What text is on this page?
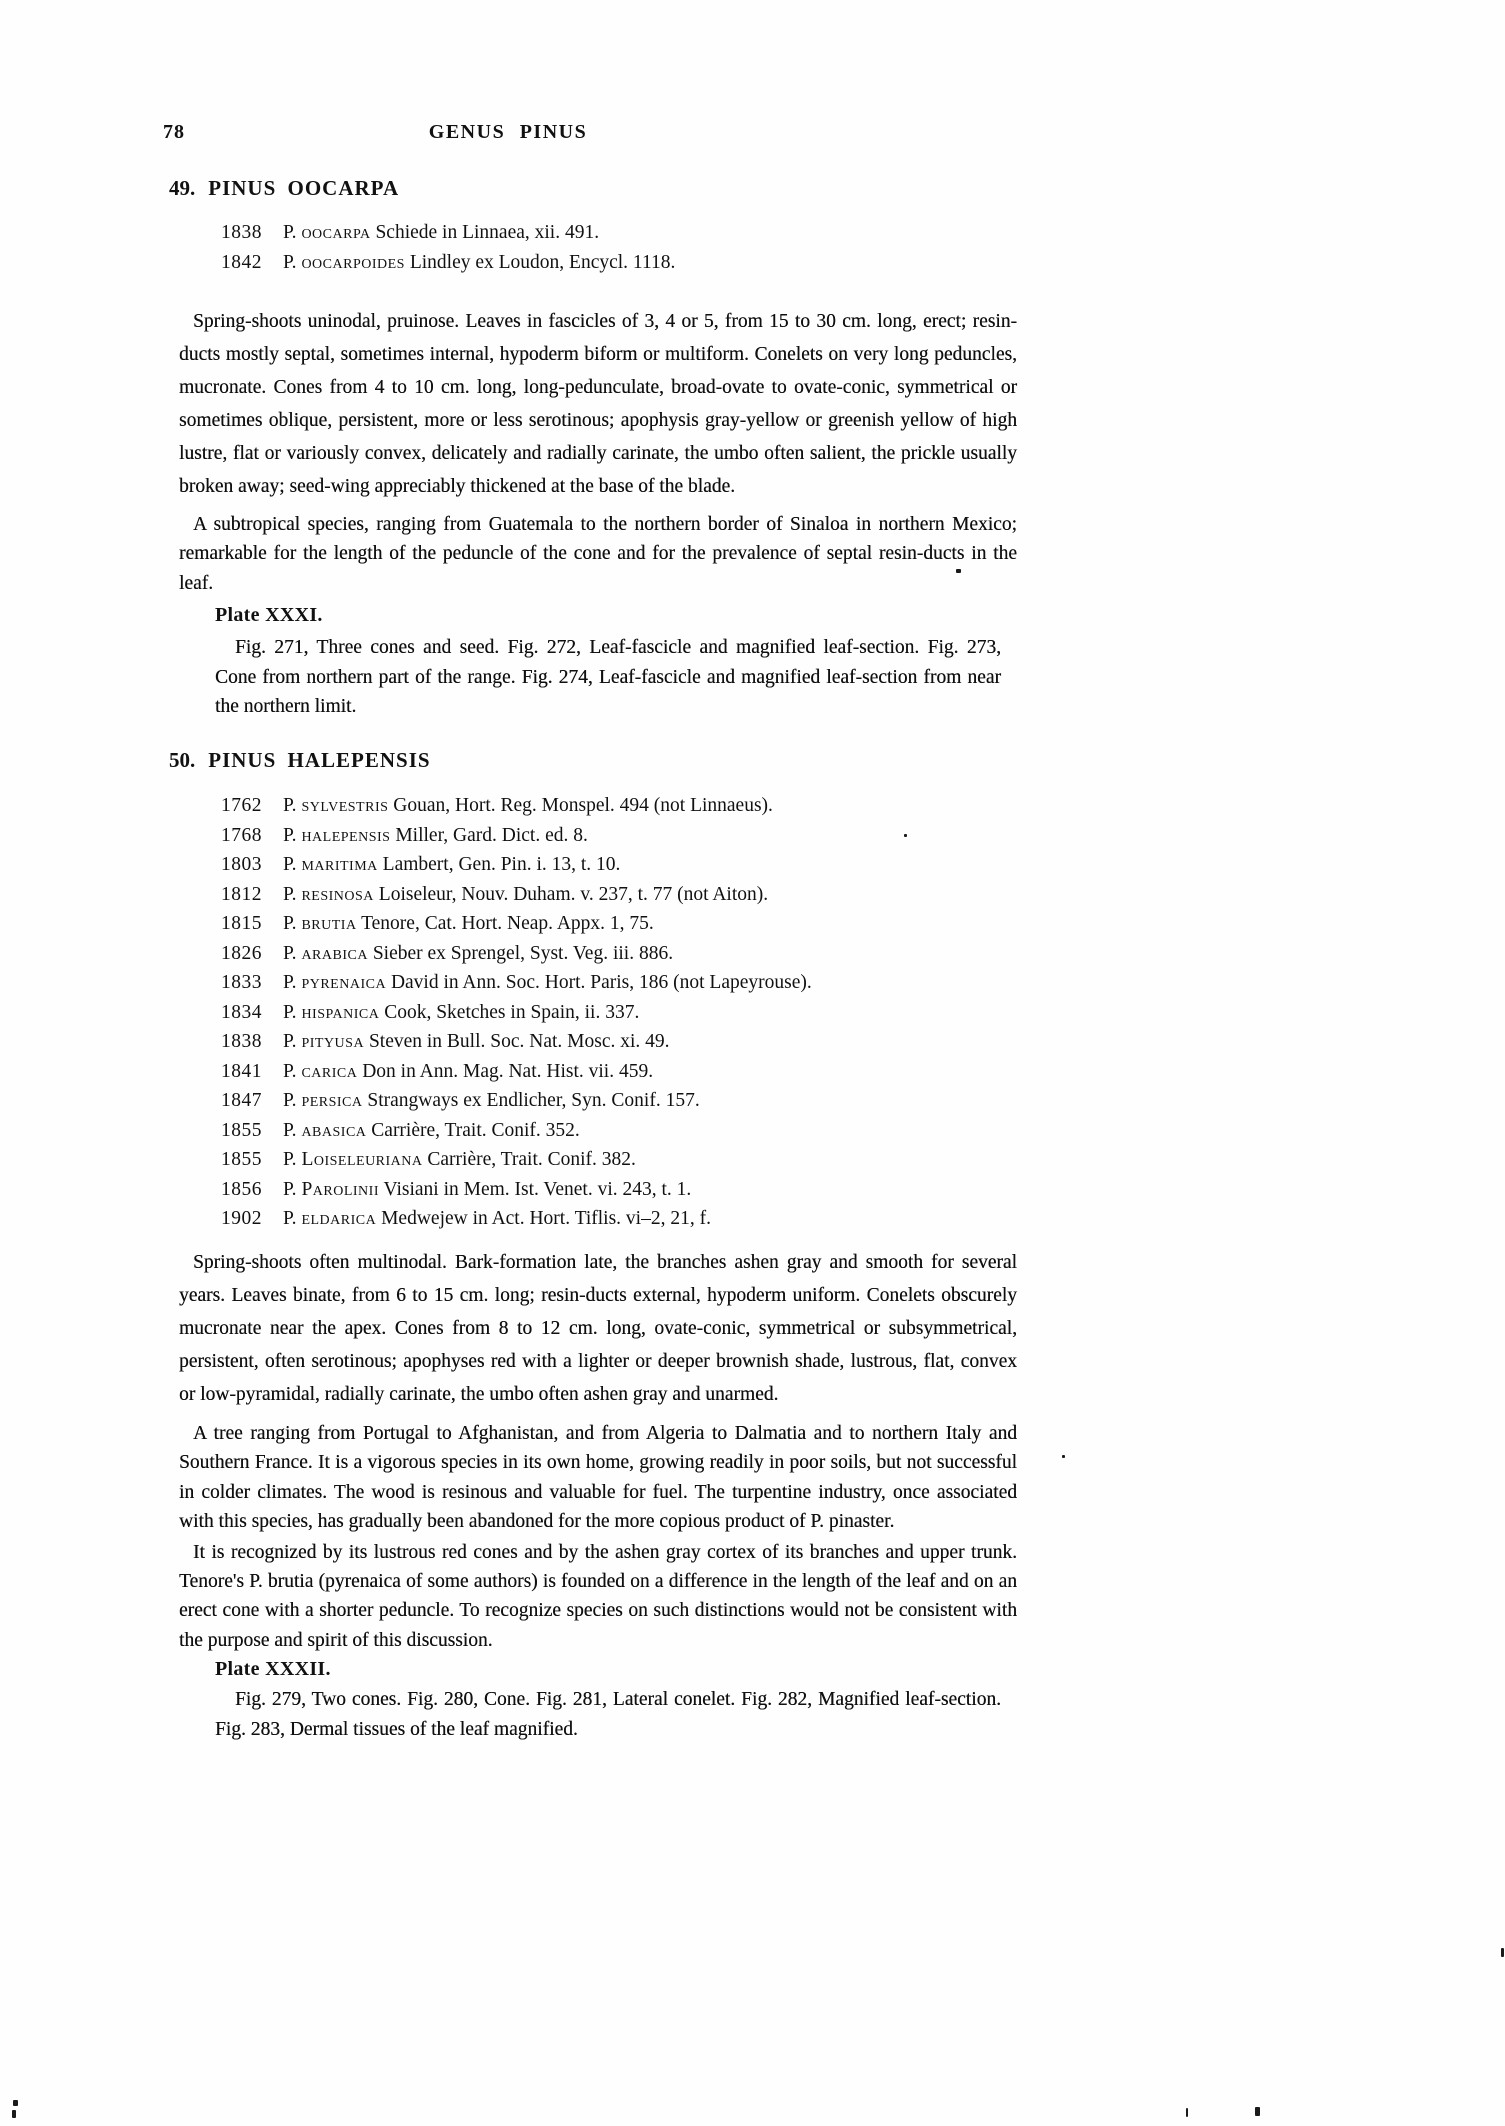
78	GENUS PINUS
49. PINUS OOCARPA
1838 P. oocarpa Schiede in Linnaea, xii. 491.
1842 P. oocarpoides Lindley ex Loudon, Encycl. 1118.

Spring-shoots uninodal, pruinose. Leaves in fascicles of 3, 4 or 5, from 15 to 30 cm. long, erect; resin-ducts mostly septal, sometimes internal, hypoderm biform or multiform. Conelets on very long peduncles, mucronate. Cones from 4 to 10 cm. long, long-pedunculate, broad-ovate to ovate-conic, symmetrical or sometimes oblique, persistent, more or less serotinous; apophysis gray-yellow or greenish yellow of high lustre, flat or variously convex, delicately and radially carinate, the umbo often salient, the prickle usually broken away; seed-wing appreciably thickened at the base of the blade.

A subtropical species, ranging from Guatemala to the northern border of Sinaloa in northern Mexico; remarkable for the length of the peduncle of the cone and for the prevalence of septal resin-ducts in the leaf.

Plate XXXI.

Fig. 271, Three cones and seed. Fig. 272, Leaf-fascicle and magnified leaf-section. Fig. 273, Cone from northern part of the range. Fig. 274, Leaf-fascicle and magnified leaf-section from near the northern limit.

50. PINUS HALEPENSIS
1762 P. sylvestris Gouan, Hort. Reg. Monspel. 494 (not Linnaeus).
1768 P. halepensis Miller, Gard. Dict. ed. 8.
1803 P. maritima Lambert, Gen. Pin. i. 13, t. 10.
1812 P. resinosa Loiseleur, Nouv. Duham. v. 237, t. 77 (not Aiton).
1815 P. brutia Tenore, Cat. Hort. Neap. Appx. 1, 75.
1826 P. arabica Sieber ex Sprengel, Syst. Veg. iii. 886.
1833 P. pyrenaica David in Ann. Soc. Hort. Paris, 186 (not Lapeyrouse).
1834 P. hispanica Cook, Sketches in Spain, ii. 337.
1838 P. pityusa Steven in Bull. Soc. Nat. Mosc. xi. 49.
1841 P. carica Don in Ann. Mag. Nat. Hist. vii. 459.
1847 P. persica Strangways ex Endlicher, Syn. Conif. 157.
1855 P. abasica Carrière, Trait. Conif. 352.
1855 P. Loiseleuriana Carrière, Trait. Conif. 382.
1856 P. Parolinii Visiani in Mem. Ist. Venet. vi. 243, t. 1.
1902 P. eldarica Medwejew in Act. Hort. Tiflis. vi–2, 21, f.

Spring-shoots often multinodal. Bark-formation late, the branches ashen gray and smooth for several years. Leaves binate, from 6 to 15 cm. long; resin-ducts external, hypoderm uniform. Conelets obscurely mucronate near the apex. Cones from 8 to 12 cm. long, ovate-conic, symmetrical or subsymmetrical, persistent, often serotinous; apophyses red with a lighter or deeper brownish shade, lustrous, flat, convex or low-pyramidal, radially carinate, the umbo often ashen gray and unarmed.

A tree ranging from Portugal to Afghanistan, and from Algeria to Dalmatia and to northern Italy and Southern France. It is a vigorous species in its own home, growing readily in poor soils, but not successful in colder climates. The wood is resinous and valuable for fuel. The turpentine industry, once associated with this species, has gradually been abandoned for the more copious product of P. pinaster.

It is recognized by its lustrous red cones and by the ashen gray cortex of its branches and upper trunk. Tenore's P. brutia (pyrenaica of some authors) is founded on a difference in the length of the leaf and on an erect cone with a shorter peduncle. To recognize species on such distinctions would not be consistent with the purpose and spirit of this discussion.

Plate XXXII.

Fig. 279, Two cones. Fig. 280, Cone. Fig. 281, Lateral conelet. Fig. 282, Magnified leaf-section. Fig. 283, Dermal tissues of the leaf magnified.
